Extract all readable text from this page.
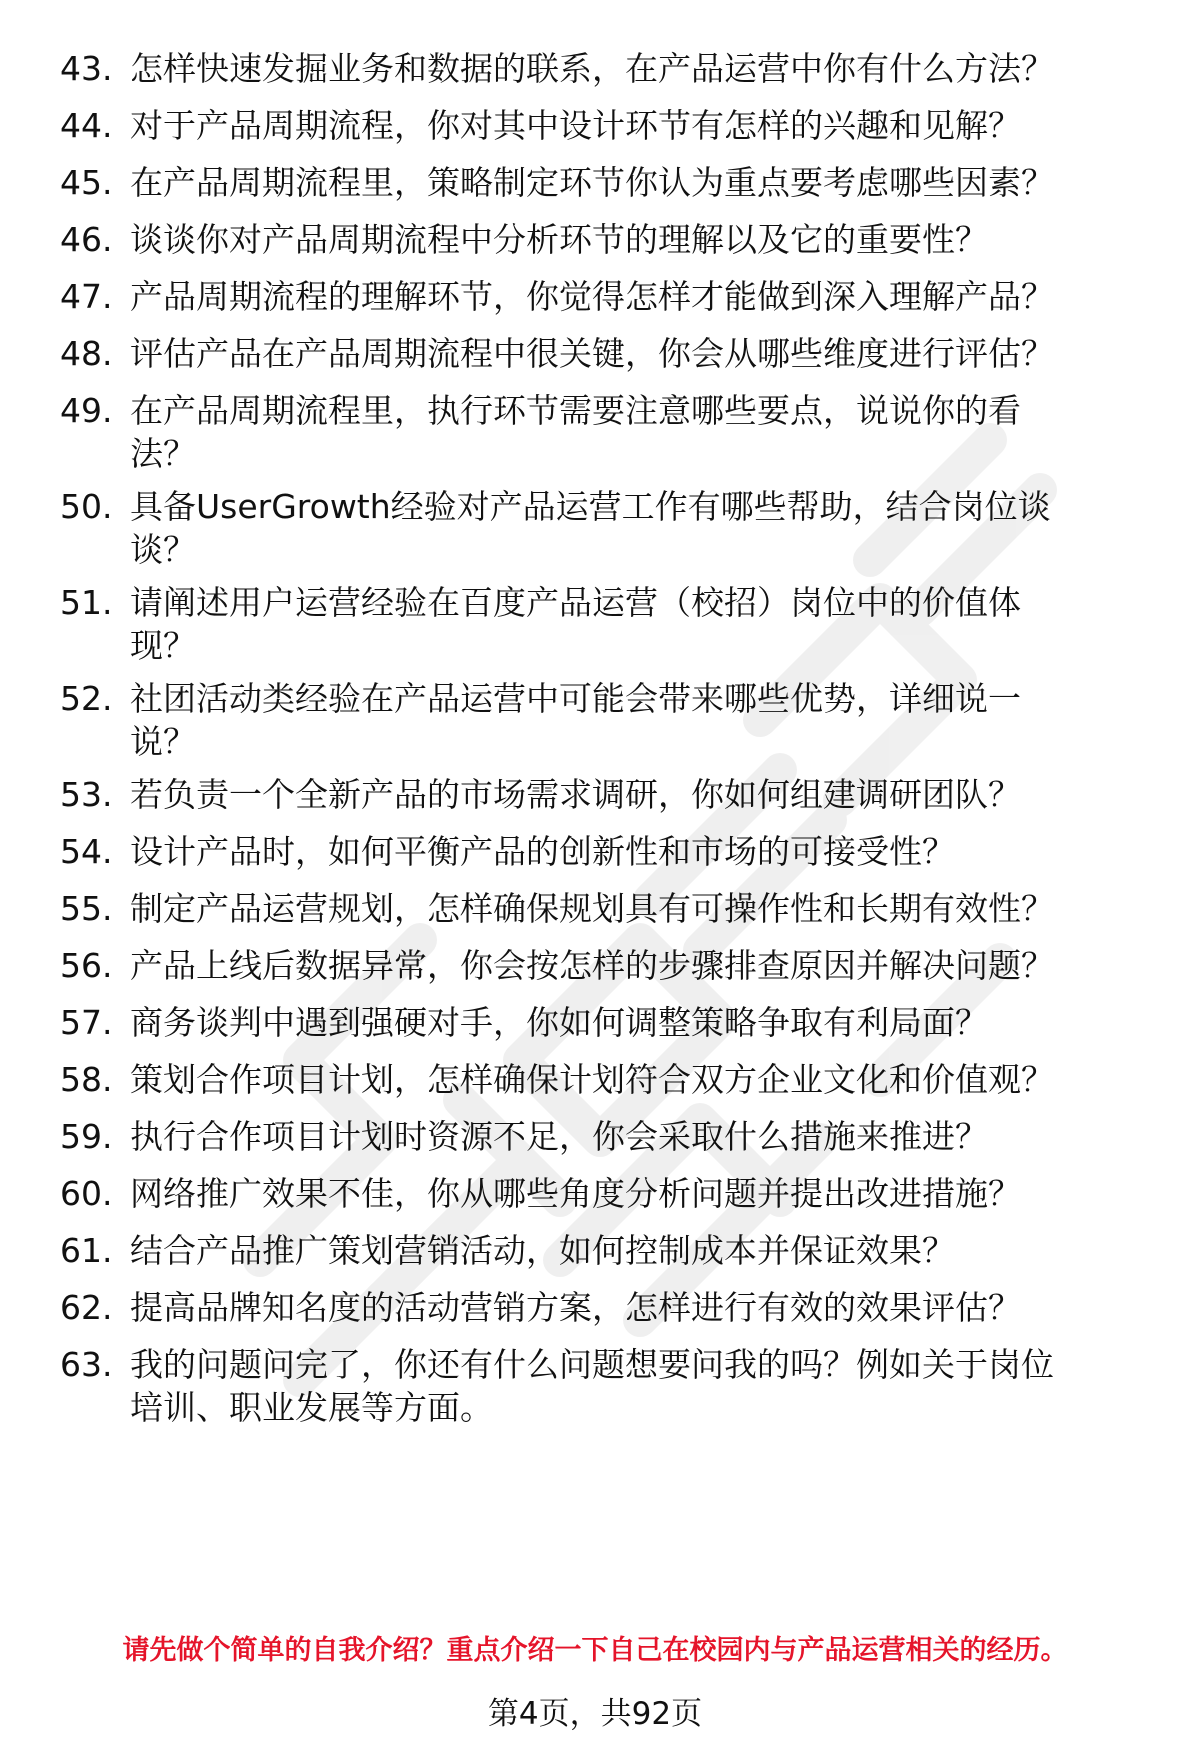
43. 怎样快速发掘业务和数据的联系，在产品运营中你有什么方法？
44. 对于产品周期流程，你对其中设计环节有怎样的兴趣和见解？
45. 在产品周期流程里，策略制定环节你认为重点要考虑哪些因素？
46. 谈谈你对产品周期流程中分析环节的理解以及它的重要性？
47. 产品周期流程的理解环节，你觉得怎样才能做到深入理解产品？
48. 评估产品在产品周期流程中很关键，你会从哪些维度进行评估？
49. 在产品周期流程里，执行环节需要注意哪些要点，说说你的看
法？
50. 具备UserGrowth经验对产品运营工作有哪些帮助，结合岗位谈
谈？
51. 请阐述用户运营经验在百度产品运营（校招）岗位中的价值体
现？
52. 社团活动类经验在产品运营中可能会带来哪些优势，详细说一
说？
53. 若负责一个全新产品的市场需求调研，你如何组建调研团队？
54. 设计产品时，如何平衡产品的创新性和市场的可接受性？
55. 制定产品运营规划，怎样确保规划具有可操作性和长期有效性？
56. 产品上线后数据异常，你会按怎样的步骤排查原因并解决问题？
57. 商务谈判中遇到强硬对手，你如何调整策略争取有利局面？
58. 策划合作项目计划，怎样确保计划符合双方企业文化和价值观？
59. 执行合作项目计划时资源不足，你会采取什么措施来推进？
60. 网络推广效果不佳，你从哪些角度分析问题并提出改进措施？
61. 结合产品推广策划营销活动，如何控制成本并保证效果？
62. 提高品牌知名度的活动营销方案，怎样进行有效的效果评估？
63. 我的问题问完了，你还有什么问题想要问我的吗？例如关于岗位
培训、职业发展等方面。
请先做个简单的自我介绍？重点介绍一下自己在校园内与产品运营相关的经历。
第4页，共92页
